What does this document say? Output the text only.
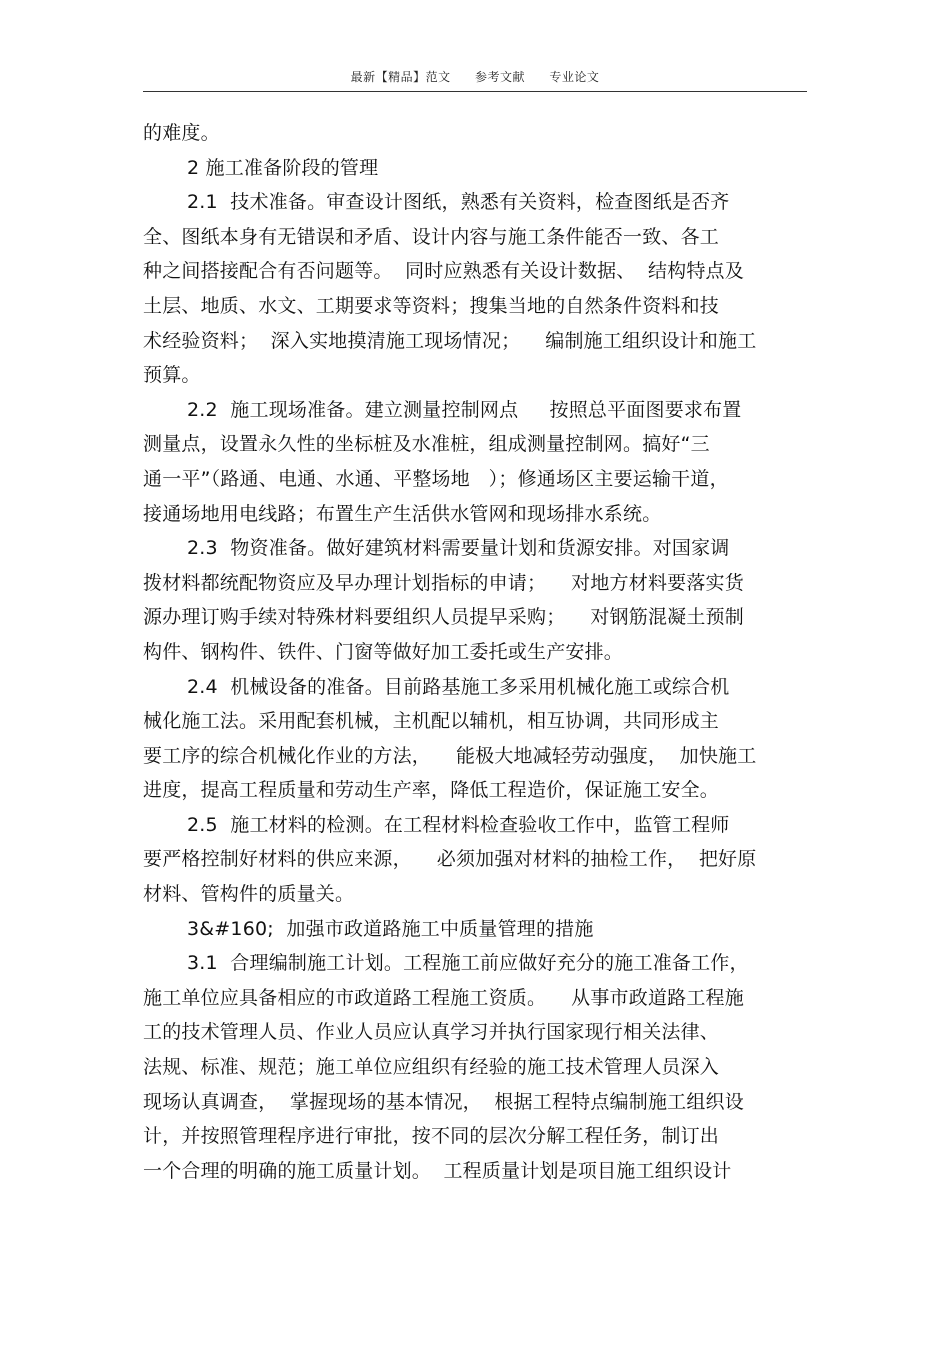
最新【精品】范文 参考文献 专业论文
的难度。
2 施工准备阶段的管理
2.1  技术准备。审查设计图纸，熟悉有关资料，检查图纸是否齐
全、图纸本身有无错误和矛盾、设计内容与施工条件能否一致、各工
种之间搭接配合有否问题等。  同时应熟悉有关设计数据、  结构特点及
土层、地质、水文、工期要求等资料；搜集当地的自然条件资料和技
术经验资料；  深入实地摸清施工现场情况；    编制施工组织设计和施工
预算。
2.2  施工现场准备。建立测量控制网点     按照总平面图要求布置
测量点，设置永久性的坐标桩及水准桩，组成测量控制网。搞好“三
通一平”（路通、电通、水通、平整场地   ）；修通场区主要运输干道，
接通场地用电线路；布置生产生活供水管网和现场排水系统。
2.3  物资准备。做好建筑材料需要量计划和货源安排。对国家调
拨材料都统配物资应及早办理计划指标的申请；    对地方材料要落实货
源办理订购手续对特殊材料要组织人员提早采购；    对钢筋混凝土预制
构件、钢构件、铁件、门窗等做好加工委托或生产安排。
2.4  机械设备的准备。目前路基施工多采用机械化施工或综合机
械化施工法。采用配套机械，主机配以辅机，相互协调，共同形成主
要工序的综合机械化作业的方法，    能极大地减轻劳动强度，  加快施工
进度，提高工程质量和劳动生产率，降低工程造价，保证施工安全。
2.5  施工材料的检测。在工程材料检查验收工作中，监管工程师
要严格控制好材料的供应来源，    必须加强对材料的抽检工作，  把好原
材料、管构件的质量关。
3&#160;  加强市政道路施工中质量管理的措施
3.1  合理编制施工计划。工程施工前应做好充分的施工准备工作，
施工单位应具备相应的市政道路工程施工资质。    从事市政道路工程施
工的技术管理人员、作业人员应认真学习并执行国家现行相关法律、
法规、标准、规范；施工单位应组织有经验的施工技术管理人员深入
现场认真调查，  掌握现场的基本情况，  根据工程特点编制施工组织设
计，并按照管理程序进行审批，按不同的层次分解工程任务，制订出
一个合理的明确的施工质量计划。  工程质量计划是项目施工组织设计
